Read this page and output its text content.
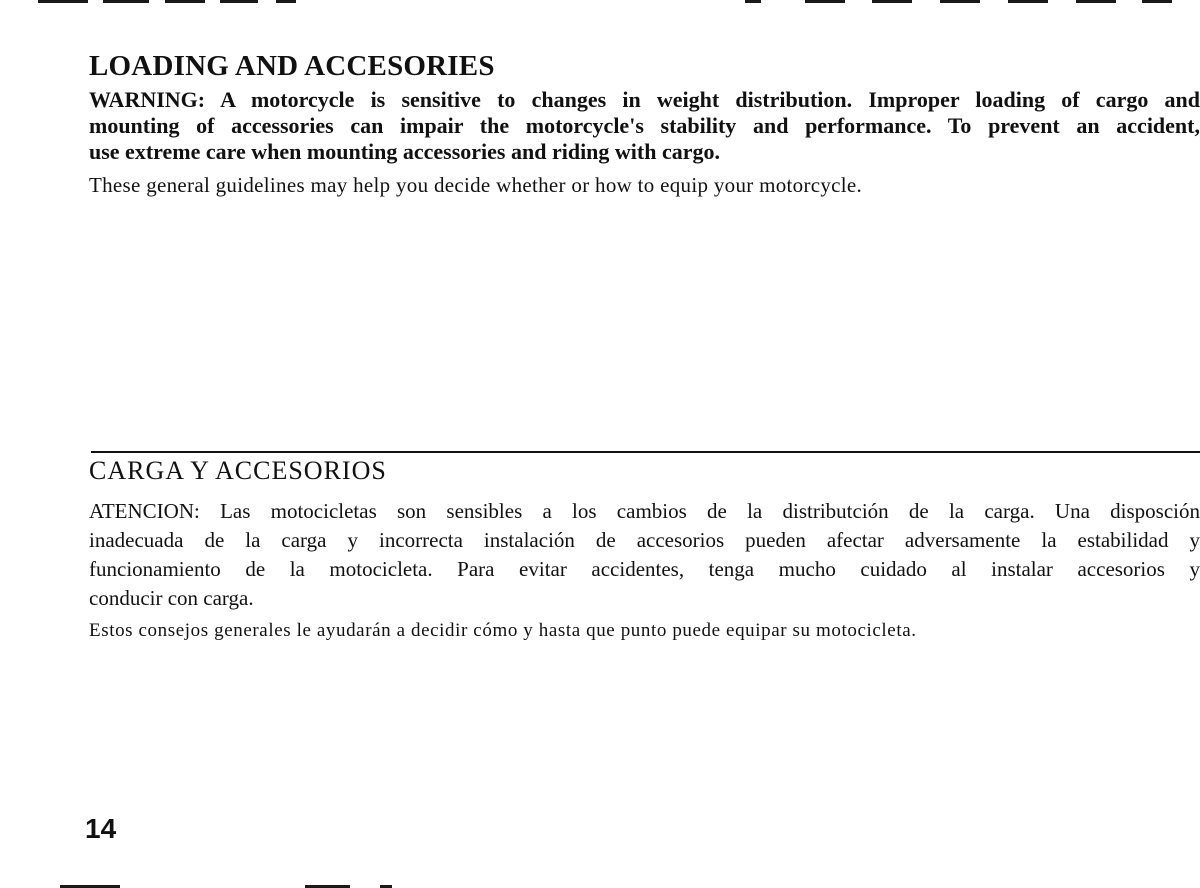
LOADING AND ACCESORIES
WARNING: A motorcycle is sensitive to changes in weight distribution. Improper loading of cargo and
mounting of accessories can impair the motorcycle's stability and performance. To prevent an accident,
use extreme care when mounting accessories and riding with cargo.
These general guidelines may help you decide whether or how to equip your motorcycle.
CARGA Y ACCESORIOS
ATENCION: Las motocicletas son sensibles a los cambios de la distributción de la carga. Una disposción
inadecuada de la carga y incorrecta instalación de accesorios pueden afectar adversamente la estabilidad y
funcionamiento de la motocicleta. Para evitar accidentes, tenga mucho cuidado al instalar accesorios y
conducir con carga.
Estos consejos generales le ayudarán a decidir cómo y hasta que punto puede equipar su motocicleta.
14
